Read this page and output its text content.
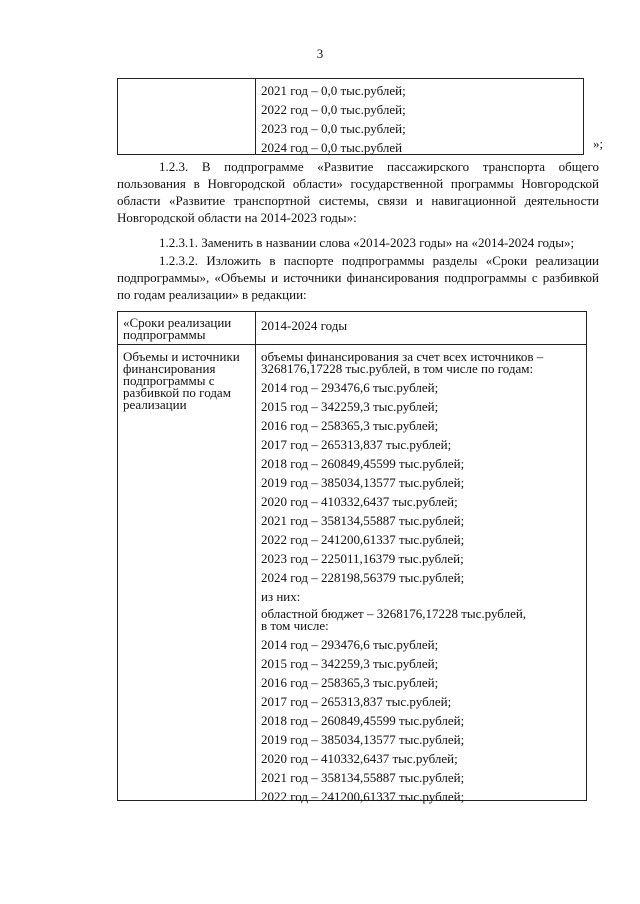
3
2021 год – 0,0 тыс.рублей;
2022 год – 0,0 тыс.рублей;
2023 год – 0,0 тыс.рублей;
2024 год – 0,0 тыс.рублей	»;
1.2.3. В подпрограмме «Развитие пассажирского транспорта общего пользования в Новгородской области» государственной программы Новгородской области «Развитие транспортной системы, связи и навигационной деятельности Новгородской области на 2014-2023 годы»:
1.2.3.1. Заменить в названии слова «2014-2023 годы» на «2014-2024 годы»;
1.2.3.2. Изложить в паспорте подпрограммы разделы «Сроки реализации подпрограммы», «Объемы и источники финансирования подпрограммы с разбивкой по годам реализации» в редакции:
«Сроки реализации подпрограммы
2014-2024 годы
Объемы и источники финансирования подпрограммы с разбивкой по годам реализации
объемы финансирования за счет всех источников –
3268176,17228 тыс.рублей, в том числе по годам:
2014 год – 293476,6 тыс.рублей;
2015 год – 342259,3 тыс.рублей;
2016 год – 258365,3 тыс.рублей;
2017 год – 265313,837 тыс.рублей;
2018 год – 260849,45599 тыс.рублей;
2019 год – 385034,13577 тыс.рублей;
2020 год – 410332,6437 тыс.рублей;
2021 год – 358134,55887 тыс.рублей;
2022 год – 241200,61337 тыс.рублей;
2023 год – 225011,16379 тыс.рублей;
2024 год – 228198,56379 тыс.рублей;
из них:
областной бюджет – 3268176,17228 тыс.рублей,
в том числе:
2014 год – 293476,6 тыс.рублей;
2015 год – 342259,3 тыс.рублей;
2016 год – 258365,3 тыс.рублей;
2017 год – 265313,837 тыс.рублей;
2018 год – 260849,45599 тыс.рублей;
2019 год – 385034,13577 тыс.рублей;
2020 год – 410332,6437 тыс.рублей;
2021 год – 358134,55887 тыс.рублей;
2022 год – 241200,61337 тыс.рублей;
